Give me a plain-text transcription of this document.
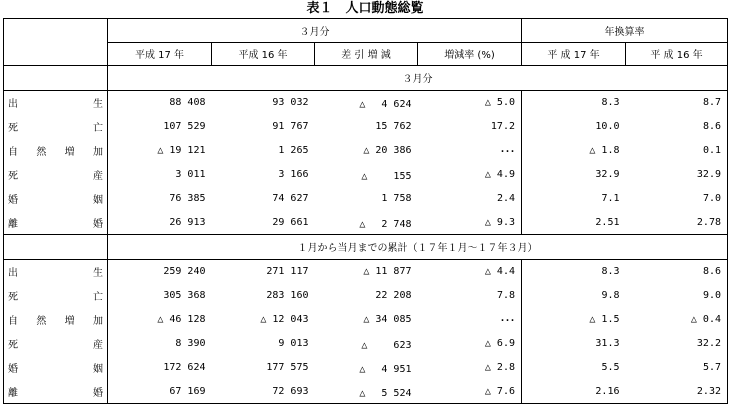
表１　人口動態総覧
	３月分				年換算率	
	平成 17 年	平成 16 年	差 引 増 減	増減率 (%)	平 成 17 年	平 成 16 年
	３月分					

出 生	88 408	93 032	△　 4 624	△ 5.0	8.3	8.7

死 亡	107 529	91 767	15 762	17.2	10.0	8.6

自 然 増 加	△ 19 121	1 265	△ 20 386	･･･	△ 1.8	0.1

死 産	3 011	3 166	△　　 155	△ 4.9	32.9	32.9

婚 姻	76 385	74 627	1 758	2.4	7.1	7.0

離 婚	26 913	29 661	△　 2 748	△ 9.3	2.51	2.78
	１月から当月までの累計（１７年１月～１７年３月）					

出 生	259 240	271 117	△ 11 877	△ 4.4	8.3	8.6

死 亡	305 368	283 160	22 208	7.8	9.8	9.0

自 然 増 加	△ 46 128	△ 12 043	△ 34 085	･･･	△ 1.5	△ 0.4

死 産	8 390	9 013	△　　 623	△ 6.9	31.3	32.2

婚 姻	172 624	177 575	△　 4 951	△ 2.8	5.5	5.7

離 婚	67 169	72 693	△　 5 524	△ 7.6	2.16	2.32
